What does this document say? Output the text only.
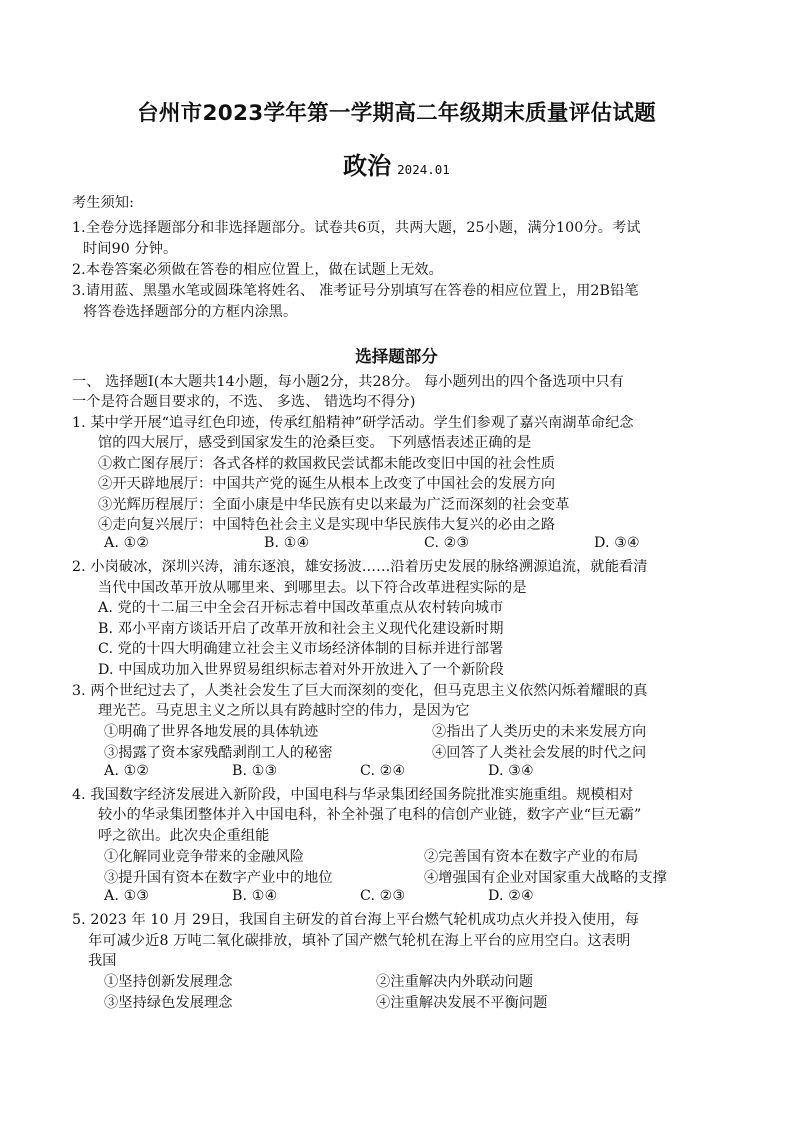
台州市2023学年第一学期高二年级期末质量评估试题
政治 2024.01
考生须知:
1.全卷分选择题部分和非选择题部分。试卷共6页，共两大题，25小题，满分100分。考试
时间90 分钟。
2.本卷答案必须做在答卷的相应位置上，做在试题上无效。
3.请用蓝、黑墨水笔或圆珠笔将姓名、 准考证号分别填写在答卷的相应位置上，用2B铅笔
将答卷选择题部分的方框内涂黑。
选择题部分
一、 选择题Ⅰ(本大题共14小题，每小题2分，共28分。 每小题列出的四个备选项中只有
一个是符合题目要求的，不选、 多选、 错选均不得分)
1. 某中学开展“追寻红色印迹，传承红船精神”研学活动。学生们参观了嘉兴南湖革命纪念
馆的四大展厅，感受到国家发生的沧桑巨变。 下列感悟表述正确的是
①救亡图存展厅：各式各样的救国救民尝试都未能改变旧中国的社会性质
②开天辟地展厅：中国共产党的诞生从根本上改变了中国社会的发展方向
③光辉历程展厅：全面小康是中华民族有史以来最为广泛而深刻的社会变革
④走向复兴展厅：中国特色社会主义是实现中华民族伟大复兴的必由之路
A. ①②	B. ①④	C. ②③	D. ③④
2. 小岗破冰，深圳兴涛，浦东逐浪，雄安扬波……沿着历史发展的脉络溯源追流，就能看清
当代中国改革开放从哪里来、到哪里去。以下符合改革进程实际的是
A. 党的十二届三中全会召开标志着中国改革重点从农村转向城市
B. 邓小平南方谈话开启了改革开放和社会主义现代化建设新时期
C. 党的十四大明确建立社会主义市场经济体制的目标并进行部署
D. 中国成功加入世界贸易组织标志着对外开放进入了一个新阶段
3. 两个世纪过去了，人类社会发生了巨大而深刻的变化，但马克思主义依然闪烁着耀眼的真
理光芒。马克思主义之所以具有跨越时空的伟力，是因为它
①明确了世界各地发展的具体轨迹	②指出了人类历史的未来发展方向
③揭露了资本家残酷剥削工人的秘密	④回答了人类社会发展的时代之问
A. ①②	B. ①③	C. ②④	D. ③④
4. 我国数字经济发展进入新阶段，中国电科与华录集团经国务院批准实施重组。规模相对
较小的华录集团整体并入中国电科，补全补强了电科的信创产业链，数字产业“巨无霸”
呼之欲出。此次央企重组能
①化解同业竞争带来的金融风险	②完善国有资本在数字产业的布局
③提升国有资本在数字产业中的地位	④增强国有企业对国家重大战略的支撑
A. ①③	B. ①④	C. ②③	D. ②④
5. 2023 年 10 月 29日，我国自主研发的首台海上平台燃气轮机成功点火并投入使用，每
年可减少近8 万吨二氧化碳排放，填补了国产燃气轮机在海上平台的应用空白。这表明
我国
①坚持创新发展理念	②注重解决内外联动问题
③坚持绿色发展理念	④注重解决发展不平衡问题
